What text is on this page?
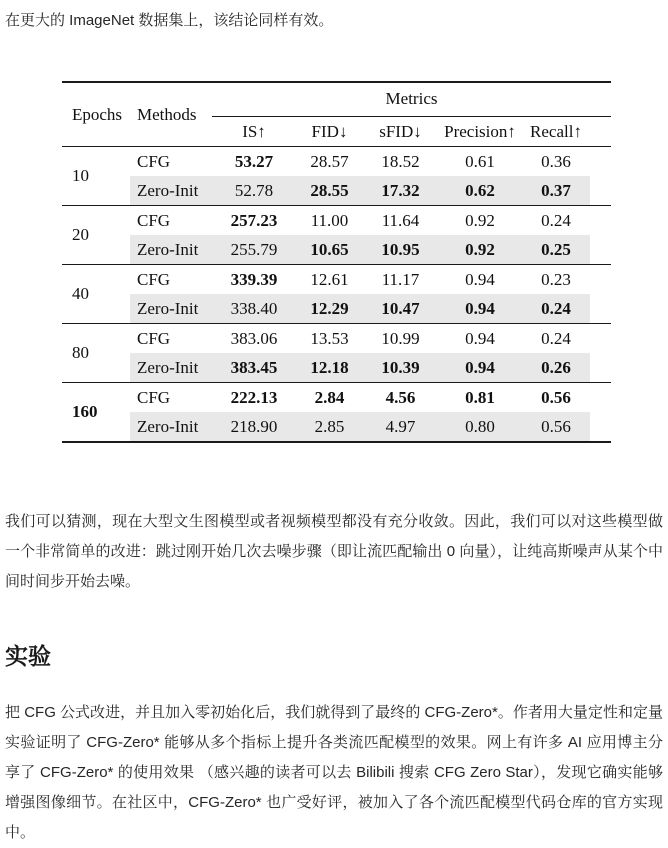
在更大的 ImageNet 数据集上，该结论同样有效。

Epochs	Methods	Metrics					
		IS↑	FID↓	sFID↓	Precision↑	Recall↑	
10	CFG	53.27	28.57	18.52	0.61	0.36	
	Zero-Init	52.78	28.55	17.32	0.62	0.37	
20	CFG	257.23	11.00	11.64	0.92	0.24	
	Zero-Init	255.79	10.65	10.95	0.92	0.25	
40	CFG	339.39	12.61	11.17	0.94	0.23	
	Zero-Init	338.40	12.29	10.47	0.94	0.24	
80	CFG	383.06	13.53	10.99	0.94	0.24	
	Zero-Init	383.45	12.18	10.39	0.94	0.26	
160	CFG	222.13	2.84	4.56	0.81	0.56	
	Zero-Init	218.90	2.85	4.97	0.80	0.56	

我们可以猜测，现在大型文生图模型或者视频模型都没有充分收敛。因此，我们可以对这些模型做一个非常简单的改进：跳过刚开始几次去噪步骤（即让流匹配输出 0 向量），让纯高斯噪声从某个中间时间步开始去噪。

实验

把 CFG 公式改进，并且加入零初始化后，我们就得到了最终的 CFG-Zero*。作者用大量定性和定量实验证明了 CFG-Zero* 能够从多个指标上提升各类流匹配模型的效果。网上有许多 AI 应用博主分享了 CFG-Zero* 的使用效果 （感兴趣的读者可以去 Bilibili 搜索 CFG Zero Star），发现它确实能够增强图像细节。在社区中，CFG-Zero* 也广受好评，被加入了各个流匹配模型代码仓库的官方实现中。
